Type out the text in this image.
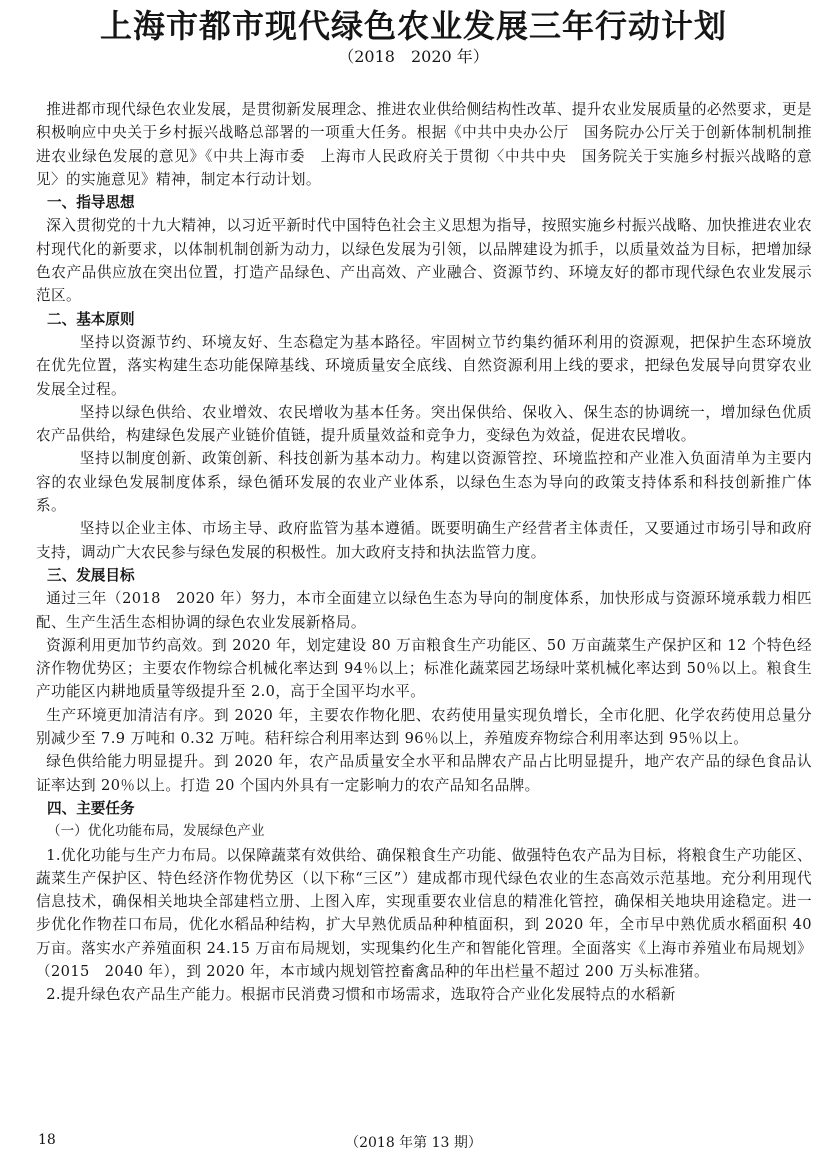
上海市都市现代绿色农业发展三年行动计划
（2018　2020 年）

推进都市现代绿色农业发展，是贯彻新发展理念、推进农业供给侧结构性改革、提升农业发展质量的必然要求，更是积极响应中央关于乡村振兴战略总部署的一项重大任务。根据《中共中央办公厅　国务院办公厅关于创新体制机制推进农业绿色发展的意见》《中共上海市委　上海市人民政府关于贯彻〈中共中央　国务院关于实施乡村振兴战略的意见〉的实施意见》精神，制定本行动计划。

一、指导思想

深入贯彻党的十九大精神，以习近平新时代中国特色社会主义思想为指导，按照实施乡村振兴战略、加快推进农业农村现代化的新要求，以体制机制创新为动力，以绿色发展为引领，以品牌建设为抓手，以质量效益为目标，把增加绿色农产品供应放在突出位置，打造产品绿色、产出高效、产业融合、资源节约、环境友好的都市现代绿色农业发展示范区。

二、基本原则

坚持以资源节约、环境友好、生态稳定为基本路径。牢固树立节约集约循环利用的资源观，把保护生态环境放在优先位置，落实构建生态功能保障基线、环境质量安全底线、自然资源利用上线的要求，把绿色发展导向贯穿农业发展全过程。

坚持以绿色供给、农业增效、农民增收为基本任务。突出保供给、保收入、保生态的协调统一，增加绿色优质农产品供给，构建绿色发展产业链价值链，提升质量效益和竞争力，变绿色为效益，促进农民增收。

坚持以制度创新、政策创新、科技创新为基本动力。构建以资源管控、环境监控和产业准入负面清单为主要内容的农业绿色发展制度体系，绿色循环发展的农业产业体系，以绿色生态为导向的政策支持体系和科技创新推广体系。

坚持以企业主体、市场主导、政府监管为基本遵循。既要明确生产经营者主体责任，又要通过市场引导和政府支持，调动广大农民参与绿色发展的积极性。加大政府支持和执法监管力度。

三、发展目标

通过三年（2018　2020 年）努力，本市全面建立以绿色生态为导向的制度体系，加快形成与资源环境承载力相匹配、生产生活生态相协调的绿色农业发展新格局。

资源利用更加节约高效。到 2020 年，划定建设 80 万亩粮食生产功能区、50 万亩蔬菜生产保护区和 12 个特色经济作物优势区；主要农作物综合机械化率达到 94％以上；标准化蔬菜园艺场绿叶菜机械化率达到 50％以上。粮食生产功能区内耕地质量等级提升至 2.0，高于全国平均水平。

生产环境更加清洁有序。到 2020 年，主要农作物化肥、农药使用量实现负增长，全市化肥、化学农药使用总量分别减少至 7.9 万吨和 0.32 万吨。秸秆综合利用率达到 96％以上，养殖废弃物综合利用率达到 95％以上。

绿色供给能力明显提升。到 2020 年，农产品质量安全水平和品牌农产品占比明显提升，地产农产品的绿色食品认证率达到 20％以上。打造 20 个国内外具有一定影响力的农产品知名品牌。

四、主要任务

（一）优化功能布局，发展绿色产业

1.优化功能与生产力布局。以保障蔬菜有效供给、确保粮食生产功能、做强特色农产品为目标，将粮食生产功能区、蔬菜生产保护区、特色经济作物优势区（以下称“三区”）建成都市现代绿色农业的生态高效示范基地。充分利用现代信息技术，确保相关地块全部建档立册、上图入库，实现重要农业信息的精准化管控，确保相关地块用途稳定。进一步优化作物茬口布局，优化水稻品种结构，扩大早熟优质品种种植面积，到 2020 年，全市早中熟优质水稻面积 40 万亩。落实水产养殖面积 24.15 万亩布局规划，实现集约化生产和智能化管理。全面落实《上海市养殖业布局规划》（2015　2040 年），到 2020 年，本市域内规划管控畜禽品种的年出栏量不超过 200 万头标准猪。

2.提升绿色农产品生产能力。根据市民消费习惯和市场需求，选取符合产业化发展特点的水稻新

18	（2018 年第 13 期）
